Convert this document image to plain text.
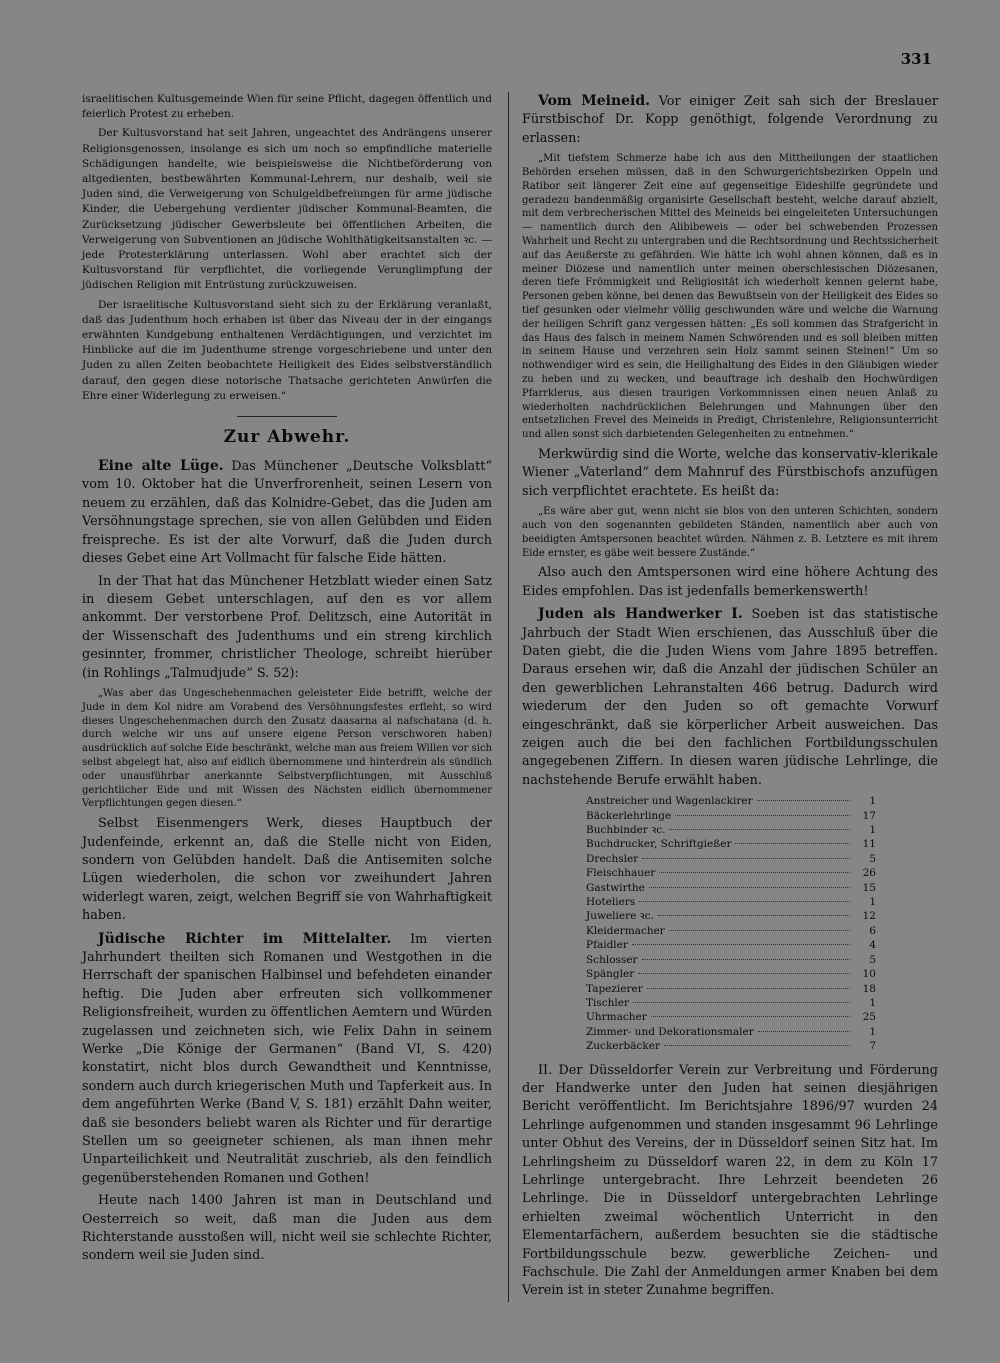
331

israelitischen Kultusgemeinde Wien für seine Pflicht, dagegen öffentlich und feierlich Protest zu erheben.

Der Kultusvorstand hat seit Jahren, ungeachtet des Andrängens unserer Religionsgenossen, insolange es sich um noch so empfindliche materielle Schädigungen handelte, wie beispielsweise die Nichtbeförderung von altgedienten, bestbewährten Kommunal-Lehrern, nur deshalb, weil sie Juden sind, die Verweigerung von Schulgeldbefreiungen für arme jüdische Kinder, die Uebergehung verdienter jüdischer Kommunal-Beamten, die Zurücksetzung jüdischer Gewerbsleute bei öffentlichen Arbeiten, die Verweigerung von Subventionen an jüdische Wohlthätigkeitsanstalten ꝛc. — jede Protesterklärung unterlassen. Wohl aber erachtet sich der Kultusvorstand für verpflichtet, die vorliegende Verunglimpfung der jüdischen Religion mit Entrüstung zurückzuweisen.

Der israelitische Kultusvorstand sieht sich zu der Erklärung veranlaßt, daß das Judenthum hoch erhaben ist über das Niveau der in der eingangs erwähnten Kundgebung enthaltenen Verdächtigungen, und verzichtet im Hinblicke auf die im Judenthume strenge vorgeschriebene und unter den Juden zu allen Zeiten beobachtete Heiligkeit des Eides selbstverständlich darauf, den gegen diese notorische Thatsache gerichteten Anwürfen die Ehre einer Widerlegung zu erweisen.“

Zur Abwehr.

Eine alte Lüge. Das Münchener „Deutsche Volksblatt“ vom 10. Oktober hat die Unverfrorenheit, seinen Lesern von neuem zu erzählen, daß das Kolnidre-Gebet, das die Juden am Versöhnungstage sprechen, sie von allen Gelübden und Eiden freispreche. Es ist der alte Vorwurf, daß die Juden durch dieses Gebet eine Art Vollmacht für falsche Eide hätten.

In der That hat das Münchener Hetzblatt wieder einen Satz in diesem Gebet unterschlagen, auf den es vor allem ankommt. Der verstorbene Prof. Delitzsch, eine Autorität in der Wissenschaft des Judenthums und ein streng kirchlich gesinnter, frommer, christlicher Theologe, schreibt hierüber (in Rohlings „Talmudjude“ S. 52):

„Was aber das Ungeschehenmachen geleisteter Eide betrifft, welche der Jude in dem Kol nidre am Vorabend des Versöhnungsfestes erfleht, so wird dieses Ungeschehenmachen durch den Zusatz daasarna al nafschatana (d. h. durch welche wir uns auf unsere eigene Person verschworen haben) ausdrücklich auf solche Eide beschränkt, welche man aus freiem Willen vor sich selbst abgelegt hat, also auf eidlich übernommene und hinterdrein als sündlich oder unausführbar anerkannte Selbstverpflichtungen, mit Ausschluß gerichtlicher Eide und mit Wissen des Nächsten eidlich übernommener Verpflichtungen gegen diesen.“

Selbst Eisenmengers Werk, dieses Hauptbuch der Judenfeinde, erkennt an, daß die Stelle nicht von Eiden, sondern von Gelübden handelt. Daß die Antisemiten solche Lügen wiederholen, die schon vor zweihundert Jahren widerlegt waren, zeigt, welchen Begriff sie von Wahrhaftigkeit haben.

Jüdische Richter im Mittelalter. Im vierten Jahrhundert theilten sich Romanen und Westgothen in die Herrschaft der spanischen Halbinsel und befehdeten einander heftig. Die Juden aber erfreuten sich vollkommener Religionsfreiheit, wurden zu öffentlichen Aemtern und Würden zugelassen und zeichneten sich, wie Felix Dahn in seinem Werke „Die Könige der Germanen“ (Band VI, S. 420) konstatirt, nicht blos durch Gewandtheit und Kenntnisse, sondern auch durch kriegerischen Muth und Tapferkeit aus. In dem angeführten Werke (Band V, S. 181) erzählt Dahn weiter, daß sie besonders beliebt waren als Richter und für derartige Stellen um so geeigneter schienen, als man ihnen mehr Unparteilichkeit und Neutralität zuschrieb, als den feindlich gegenüberstehenden Romanen und Gothen!

Heute nach 1400 Jahren ist man in Deutschland und Oesterreich so weit, daß man die Juden aus dem Richterstande ausstoßen will, nicht weil sie schlechte Richter, sondern weil sie Juden sind.

Vom Meineid. Vor einiger Zeit sah sich der Breslauer Fürstbischof Dr. Kopp genöthigt, folgende Verordnung zu erlassen:

„Mit tiefstem Schmerze habe ich aus den Mittheilungen der staatlichen Behörden ersehen müssen, daß in den Schwurgerichtsbezirken Oppeln und Ratibor seit längerer Zeit eine auf gegenseitige Eideshilfe gegründete und geradezu bandenmäßig organisirte Gesellschaft besteht, welche darauf abzielt, mit dem verbrecherischen Mittel des Meineids bei eingeleiteten Untersuchungen — namentlich durch den Alibibeweis — oder bei schwebenden Prozessen Wahrheit und Recht zu untergraben und die Rechtsordnung und Rechtssicherheit auf das Aeußerste zu gefährden. Wie hätte ich wohl ahnen können, daß es in meiner Diözese und namentlich unter meinen oberschlesischen Diözesanen, deren tiefe Frömmigkeit und Religiosität ich wiederholt kennen gelernt habe, Personen geben könne, bei denen das Bewußtsein von der Heiligkeit des Eides so tief gesunken oder vielmehr völlig geschwunden wäre und welche die Warnung der heiligen Schrift ganz vergessen hätten: „Es soll kommen das Strafgericht in das Haus des falsch in meinem Namen Schwörenden und es soll bleiben mitten in seinem Hause und verzehren sein Holz sammt seinen Steinen!“ Um so nothwendiger wird es sein, die Heilighaltung des Eides in den Gläubigen wieder zu heben und zu wecken, und beauftrage ich deshalb den Hochwürdigen Pfarrklerus, aus diesen traurigen Vorkommnissen einen neuen Anlaß zu wiederholten nachdrücklichen Belehrungen und Mahnungen über den entsetzlichen Frevel des Meineids in Predigt, Christenlehre, Religionsunterricht und allen sonst sich darbietenden Gelegenheiten zu entnehmen.“

Merkwürdig sind die Worte, welche das konservativ-klerikale Wiener „Vaterland“ dem Mahnruf des Fürstbischofs anzufügen sich verpflichtet erachtete. Es heißt da:

„Es wäre aber gut, wenn nicht sie blos von den unteren Schichten, sondern auch von den sogenannten gebildeten Ständen, namentlich aber auch von beeidigten Amtspersonen beachtet würden. Nähmen z. B. Letztere es mit ihrem Eide ernster, es gäbe weit bessere Zustände.“

Also auch den Amtspersonen wird eine höhere Achtung des Eides empfohlen. Das ist jedenfalls bemerkenswerth!

Juden als Handwerker I. Soeben ist das statistische Jahrbuch der Stadt Wien erschienen, das Ausschluß über die Daten giebt, die die Juden Wiens vom Jahre 1895 betreffen. Daraus ersehen wir, daß die Anzahl der jüdischen Schüler an den gewerblichen Lehranstalten 466 betrug. Dadurch wird wiederum der den Juden so oft gemachte Vorwurf eingeschränkt, daß sie körperlicher Arbeit ausweichen. Das zeigen auch die bei den fachlichen Fortbildungsschulen angegebenen Ziffern. In diesen waren jüdische Lehrlinge, die nachstehende Berufe erwählt haben.

Anstreicher und Wagenlackirer	1
Bäckerlehrlinge	17
Buchbinder ꝛc.	1
Buchdrucker, Schriftgießer	11
Drechsler	5
Fleischhauer	26
Gastwirthe	15
Hoteliers	1
Juweliere ꝛc.	12
Kleidermacher	6
Pfaidler	4
Schlosser	5
Spängler	10
Tapezierer	18
Tischler	1
Uhrmacher	25
Zimmer- und Dekorationsmaler	1
Zuckerbäcker	7

II. Der Düsseldorfer Verein zur Verbreitung und Förderung der Handwerke unter den Juden hat seinen diesjährigen Bericht veröffentlicht. Im Berichtsjahre 1896/97 wurden 24 Lehrlinge aufgenommen und standen insgesammt 96 Lehrlinge unter Obhut des Vereins, der in Düsseldorf seinen Sitz hat. Im Lehrlingsheim zu Düsseldorf waren 22, in dem zu Köln 17 Lehrlinge untergebracht. Ihre Lehrzeit beendeten 26 Lehrlinge. Die in Düsseldorf untergebrachten Lehrlinge erhielten zweimal wöchentlich Unterricht in den Elementarfächern, außerdem besuchten sie die städtische Fortbildungsschule bezw. gewerbliche Zeichen- und Fachschule. Die Zahl der Anmeldungen armer Knaben bei dem Verein ist in steter Zunahme begriffen.
